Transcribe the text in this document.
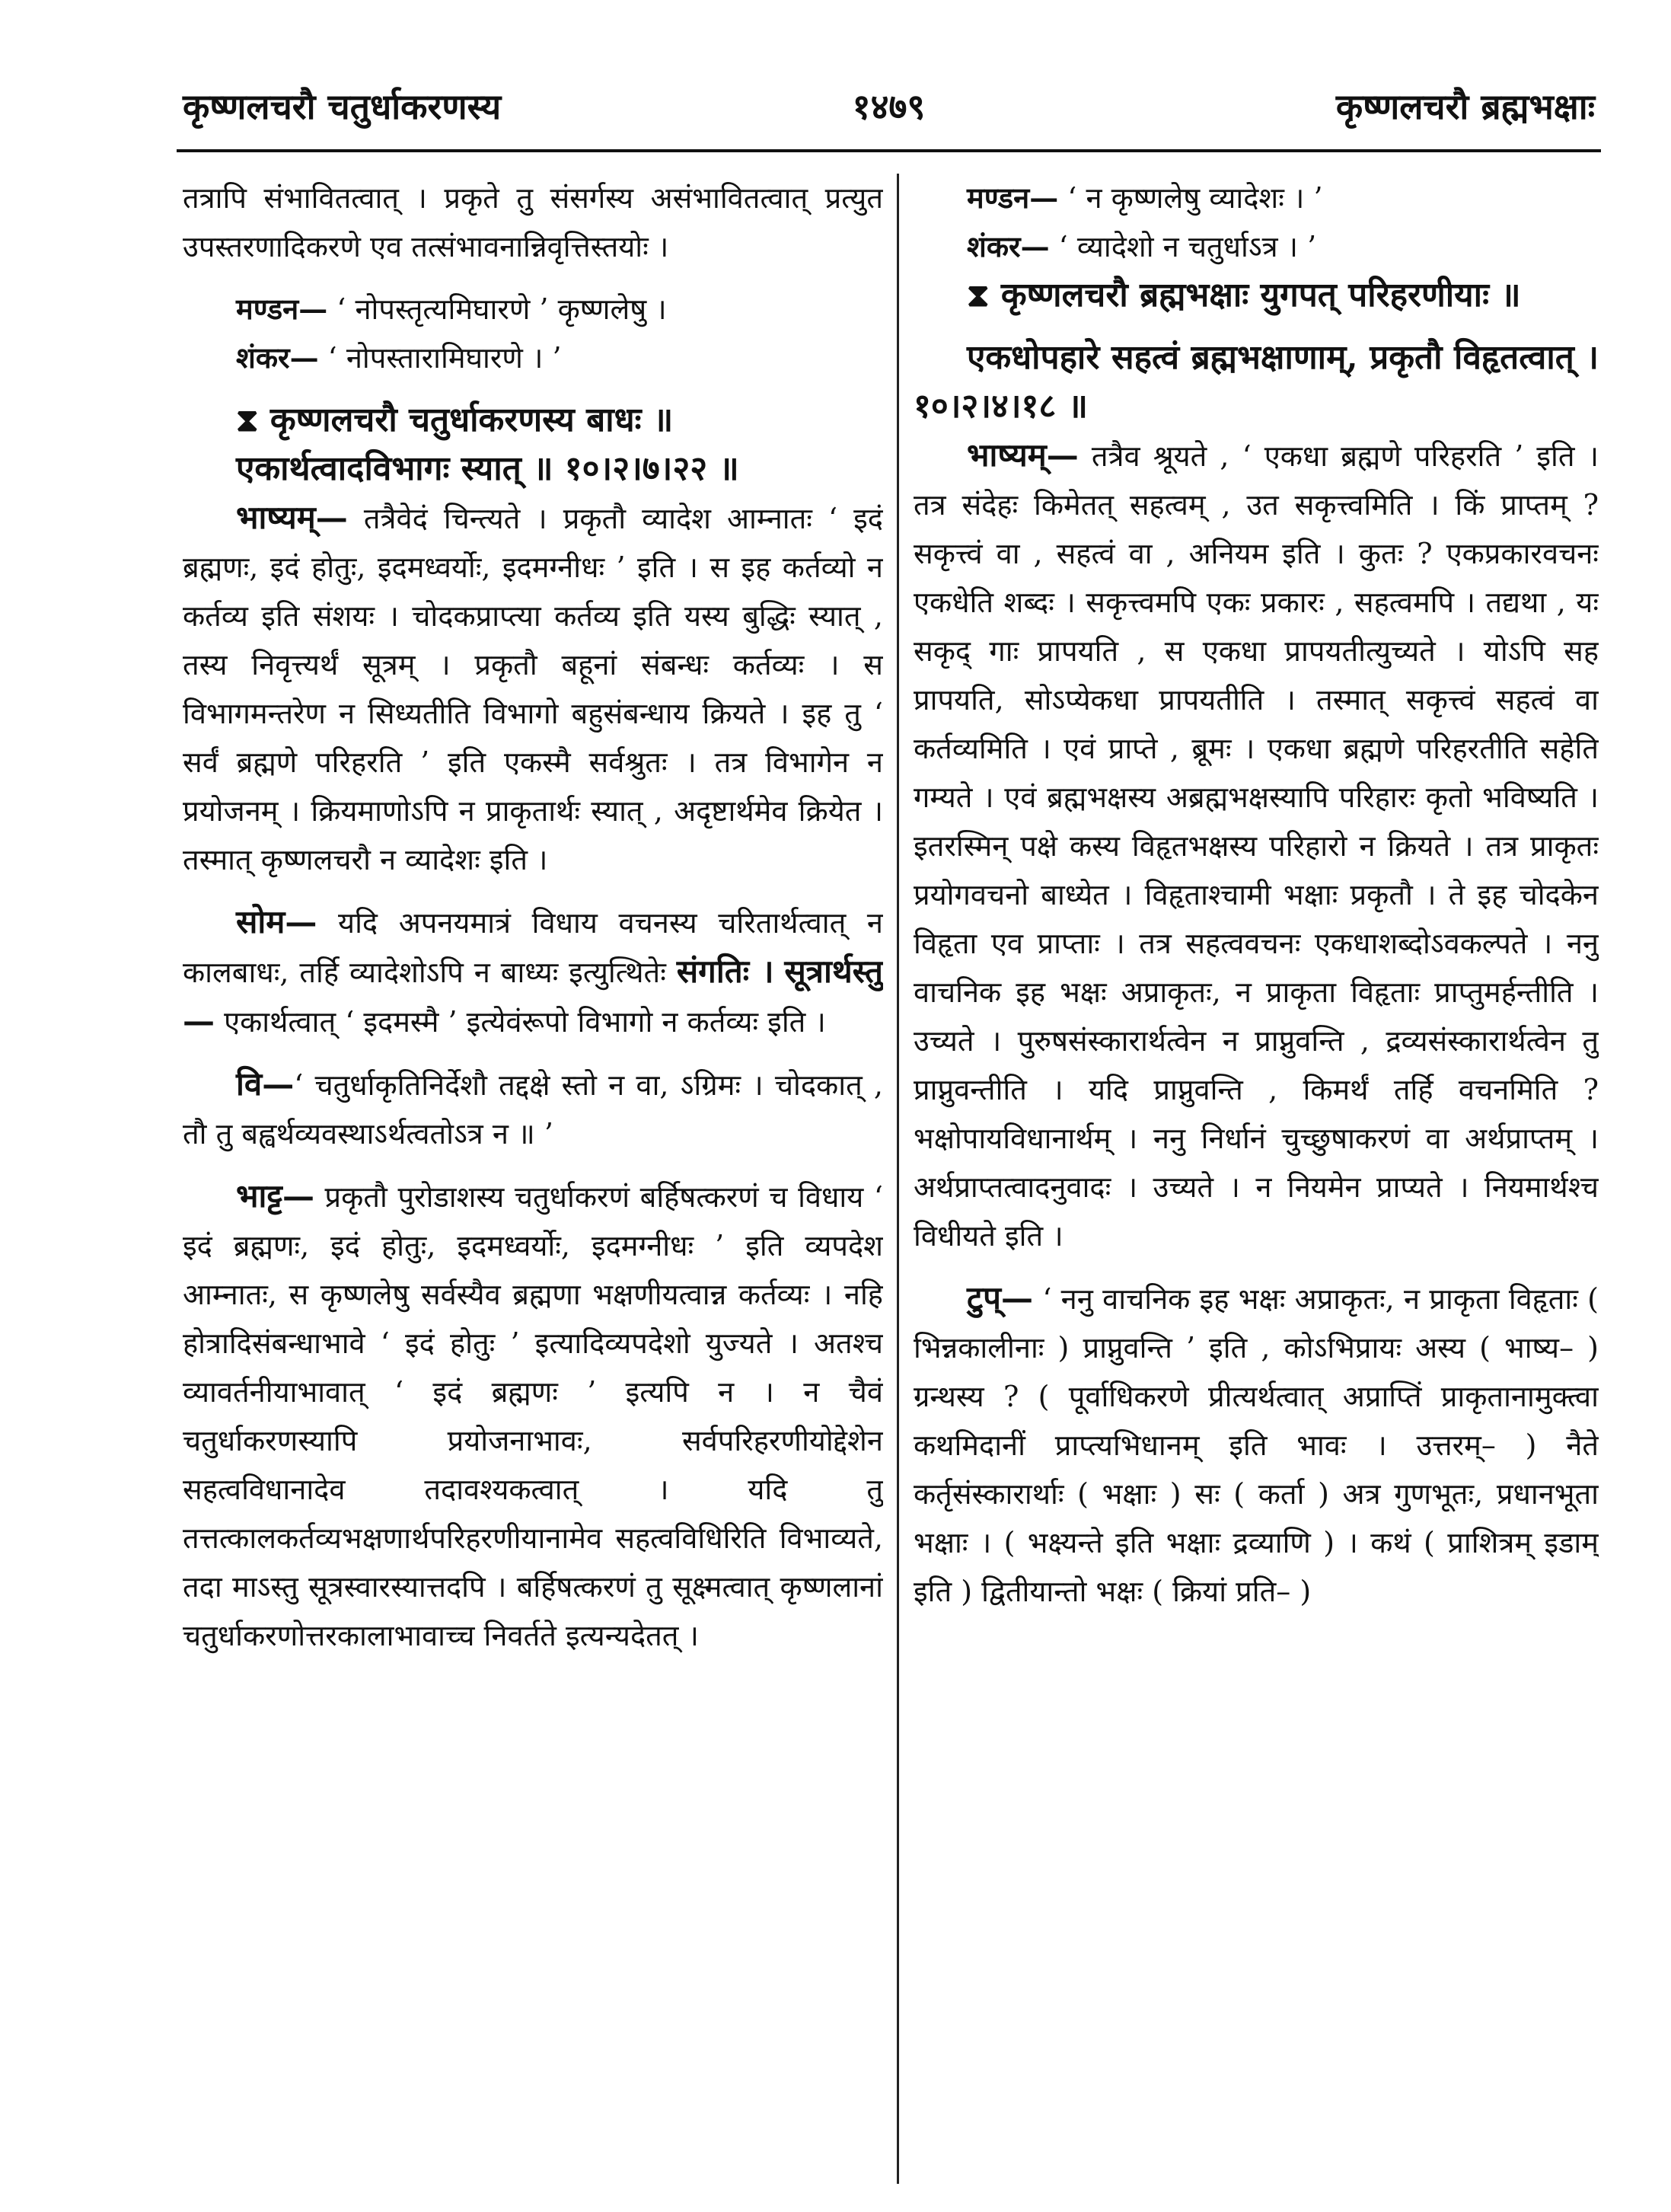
कृष्णलचरौ चतुर्धाकरणस्य	१४७९	कृष्णलचरौ ब्रह्मभक्षाः

तत्रापि संभावितत्वात् । प्रकृते तु संसर्गस्य असंभावितत्वात् प्रत्युत उपस्तरणादिकरणे एव तत्संभावनान्निवृत्तिस्तयोः ।

मण्डन— ‘ नोपस्तृत्यमिघारणे ’ कृष्णलेषु ।

शंकर— ‘ नोपस्तारामिघारणे । ’

⧗ कृष्णलचरौ चतुर्धाकरणस्य बाधः ॥

एकार्थत्वादविभागः स्यात् ॥ १०।२।७।२२ ॥

भाष्यम्— तत्रैवेदं चिन्त्यते । प्रकृतौ व्यादेश आम्नातः ‘ इदं ब्रह्मणः, इदं होतुः, इदमध्वर्योः, इदमग्नीधः ’ इति । स इह कर्तव्यो न कर्तव्य इति संशयः । चोदकप्राप्त्या कर्तव्य इति यस्य बुद्धिः स्यात् , तस्य निवृत्त्यर्थं सूत्रम् । प्रकृतौ बहूनां संबन्धः कर्तव्यः । स विभागमन्तरेण न सिध्यतीति विभागो बहुसंबन्धाय क्रियते । इह तु ‘ सर्वं ब्रह्मणे परिहरति ’ इति एकस्मै सर्वश्रुतः । तत्र विभागेन न प्रयोजनम् । क्रियमाणोऽपि न प्राकृतार्थः स्यात् , अदृष्टार्थमेव क्रियेत । तस्मात् कृष्णलचरौ न व्यादेशः इति ।

सोम— यदि अपनयमात्रं विधाय वचनस्य चरितार्थत्वात् न कालबाधः, तर्हि व्यादेशोऽपि न बाध्यः इत्युत्थितेः संगतिः । सूत्रार्थस्तु— एकार्थत्वात् ‘ इदमस्मै ’ इत्येवंरूपो विभागो न कर्तव्यः इति ।

वि—‘ चतुर्धाकृतिनिर्देशौ तद्दक्षे स्तो न वा, ऽग्रिमः । चोदकात् , तौ तु बह्वर्थव्यवस्थाऽर्थत्वतोऽत्र न ॥ ’

भाट्ट— प्रकृतौ पुरोडाशस्य चतुर्धाकरणं बर्हिषत्करणं च विधाय ‘ इदं ब्रह्मणः, इदं होतुः, इदमध्वर्योः, इदमग्नीधः ’ इति व्यपदेश आम्नातः, स कृष्णलेषु सर्वस्यैव ब्रह्मणा भक्षणीयत्वान्न कर्तव्यः । नहि होत्रादिसंबन्धाभावे ‘ इदं होतुः ’ इत्यादिव्यपदेशो युज्यते । अतश्च व्यावर्तनीयाभावात् ‘ इदं ब्रह्मणः ’ इत्यपि न । न चैवं चतुर्धाकरणस्यापि प्रयोजनाभावः, सर्वपरिहरणीयोद्देशेन सहत्वविधानादेव तदावश्यकत्वात् । यदि तु तत्तत्कालकर्तव्यभक्षणार्थपरिहरणीयानामेव सहत्वविधिरिति विभाव्यते, तदा माऽस्तु सूत्रस्वारस्यात्तदपि । बर्हिषत्करणं तु सूक्ष्मत्वात् कृष्णलानां चतुर्धाकरणोत्तरकालाभावाच्च निवर्तते इत्यन्यदेतत् ।

मण्डन— ‘ न कृष्णलेषु व्यादेशः । ’

शंकर— ‘ व्यादेशो न चतुर्धाऽत्र । ’

⧗ कृष्णलचरौ ब्रह्मभक्षाः युगपत् परिहरणीयाः ॥

एकधोपहारे सहत्वं ब्रह्मभक्षाणाम्, प्रकृतौ विहृतत्वात् । १०।२।४।१८ ॥

भाष्यम्— तत्रैव श्रूयते , ‘ एकधा ब्रह्मणे परिहरति ’ इति । तत्र संदेहः किमेतत् सहत्वम् , उत सकृत्त्वमिति । किं प्राप्तम् ? सकृत्त्वं वा , सहत्वं वा , अनियम इति । कुतः ? एकप्रकारवचनः एकधेति शब्दः । सकृत्त्वमपि एकः प्रकारः , सहत्वमपि । तद्यथा , यः सकृद् गाः प्रापयति , स एकधा प्रापयतीत्युच्यते । योऽपि सह प्रापयति, सोऽप्येकधा प्रापयतीति । तस्मात् सकृत्त्वं सहत्वं वा कर्तव्यमिति । एवं प्राप्ते , ब्रूमः । एकधा ब्रह्मणे परिहरतीति सहेति गम्यते । एवं ब्रह्मभक्षस्य अब्रह्मभक्षस्यापि परिहारः कृतो भविष्यति । इतरस्मिन् पक्षे कस्य विहृतभक्षस्य परिहारो न क्रियते । तत्र प्राकृतः प्रयोगवचनो बाध्येत । विहृताश्चामी भक्षाः प्रकृतौ । ते इह चोदकेन विहृता एव प्राप्ताः । तत्र सहत्ववचनः एकधाशब्दोऽवकल्पते । ननु वाचनिक इह भक्षः अप्राकृतः, न प्राकृता विहृताः प्राप्तुमर्हन्तीति । उच्यते । पुरुषसंस्कारार्थत्वेन न प्राप्नुवन्ति , द्रव्यसंस्कारार्थत्वेन तु प्राप्नुवन्तीति । यदि प्राप्नुवन्ति , किमर्थं तर्हि वचनमिति ? भक्षोपायविधानार्थम् । ननु निर्धानं चुच्छुषाकरणं वा अर्थप्राप्तम् । अर्थप्राप्तत्वादनुवादः । उच्यते । न नियमेन प्राप्यते । नियमार्थश्च विधीयते इति ।

टुप्— ‘ ननु वाचनिक इह भक्षः अप्राकृतः, न प्राकृता विहृताः ( भिन्नकालीनाः ) प्राप्नुवन्ति ’ इति , कोऽभिप्रायः अस्य ( भाष्य– ) ग्रन्थस्य ? ( पूर्वाधिकरणे प्रीत्यर्थत्वात् अप्राप्तिं प्राकृतानामुक्त्वा कथमिदानीं प्राप्त्यभिधानम् इति भावः । उत्तरम्– ) नैते कर्तृसंस्कारार्थाः ( भक्षाः ) सः ( कर्ता ) अत्र गुणभूतः, प्रधानभूता भक्षाः । ( भक्ष्यन्ते इति भक्षाः द्रव्याणि ) । कथं ( प्राशित्रम् इडाम् इति ) द्वितीयान्तो भक्षः ( क्रियां प्रति– )
